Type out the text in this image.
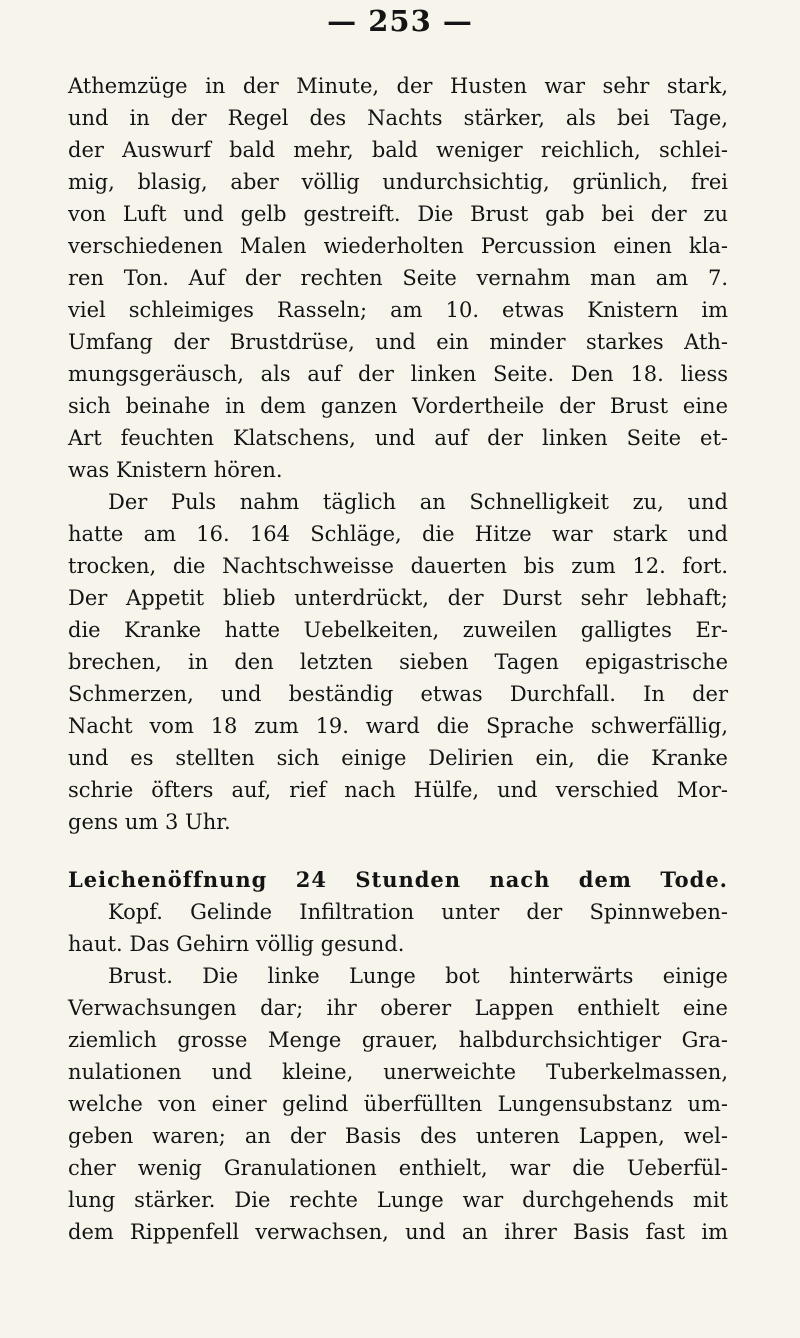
— 253 —
Athemzüge in der Minute, der Husten war sehr stark,
und in der Regel des Nachts stärker, als bei Tage,
der Auswurf bald mehr, bald weniger reichlich, schlei-
mig, blasig, aber völlig undurchsichtig, grünlich, frei
von Luft und gelb gestreift. Die Brust gab bei der zu
verschiedenen Malen wiederholten Percussion einen kla-
ren Ton. Auf der rechten Seite vernahm man am 7.
viel schleimiges Rasseln; am 10. etwas Knistern im
Umfang der Brustdrüse, und ein minder starkes Ath-
mungsgeräusch, als auf der linken Seite. Den 18. liess
sich beinahe in dem ganzen Vordertheile der Brust eine
Art feuchten Klatschens, und auf der linken Seite et-
was Knistern hören.
Der Puls nahm täglich an Schnelligkeit zu, und
hatte am 16. 164 Schläge, die Hitze war stark und
trocken, die Nachtschweisse dauerten bis zum 12. fort.
Der Appetit blieb unterdrückt, der Durst sehr lebhaft;
die Kranke hatte Uebelkeiten, zuweilen galligtes Er-
brechen, in den letzten sieben Tagen epigastrische
Schmerzen, und beständig etwas Durchfall. In der
Nacht vom 18 zum 19. ward die Sprache schwerfällig,
und es stellten sich einige Delirien ein, die Kranke
schrie öfters auf, rief nach Hülfe, und verschied Mor-
gens um 3 Uhr.
Leichenöffnung 24 Stunden nach dem Tode.
Kopf. Gelinde Infiltration unter der Spinnweben-
haut. Das Gehirn völlig gesund.
Brust. Die linke Lunge bot hinterwärts einige
Verwachsungen dar; ihr oberer Lappen enthielt eine
ziemlich grosse Menge grauer, halbdurchsichtiger Gra-
nulationen und kleine, unerweichte Tuberkelmassen,
welche von einer gelind überfüllten Lungensubstanz um-
geben waren; an der Basis des unteren Lappen, wel-
cher wenig Granulationen enthielt, war die Ueberfül-
lung stärker. Die rechte Lunge war durchgehends mit
dem Rippenfell verwachsen, und an ihrer Basis fast im
